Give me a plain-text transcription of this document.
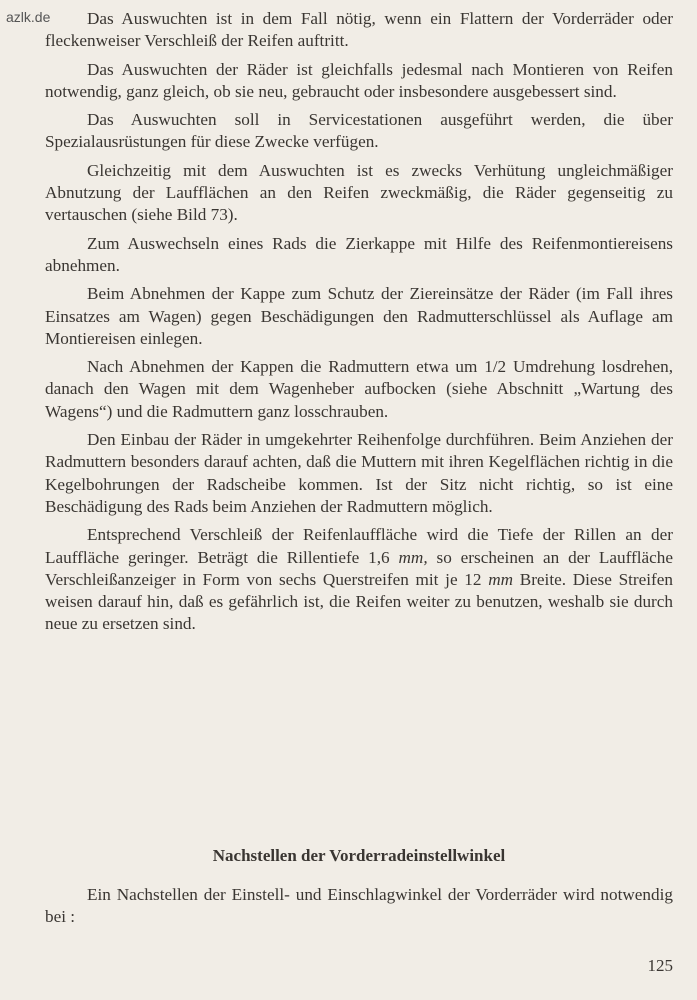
azlk.de	Das Auswuchten ist in dem Fall nötig, wenn ein Flattern der Vorderräder oder fleckenweiser Verschleiß der Reifen auftritt.

Das Auswuchten der Räder ist gleichfalls jedesmal nach Montieren von Reifen notwendig, ganz gleich, ob sie neu, gebraucht oder insbesondere ausgebessert sind.

Das Auswuchten soll in Servicestationen ausgeführt werden, die über Spezialausrüstungen für diese Zwecke verfügen.

Gleichzeitig mit dem Auswuchten ist es zwecks Verhütung ungleichmäßiger Abnutzung der Laufflächen an den Reifen zweckmäßig, die Räder gegenseitig zu vertauschen (siehe Bild 73).

Zum Auswechseln eines Rads die Zierkappe mit Hilfe des Reifenmontiereisens abnehmen.

Beim Abnehmen der Kappe zum Schutz der Ziereinsätze der Räder (im Fall ihres Einsatzes am Wagen) gegen Beschädigungen den Radmutterschlüssel als Auflage am Montiereisen einlegen.

Nach Abnehmen der Kappen die Radmuttern etwa um 1/2 Umdrehung losdrehen, danach den Wagen mit dem Wagenheber aufbocken (siehe Abschnitt „Wartung des Wagens“) und die Radmuttern ganz losschrauben.

Den Einbau der Räder in umgekehrter Reihenfolge durchführen. Beim Anziehen der Radmuttern besonders darauf achten, daß die Muttern mit ihren Kegelflächen richtig in die Kegelbohrungen der Radscheibe kommen. Ist der Sitz nicht richtig, so ist eine Beschädigung des Rads beim Anziehen der Radmuttern möglich.

Entsprechend Verschleiß der Reifenlauffläche wird die Tiefe der Rillen an der Lauffläche geringer. Beträgt die Rillentiefe 1,6 mm, so erscheinen an der Lauffläche Verschleißanzeiger in Form von sechs Querstreifen mit je 12 mm Breite. Diese Streifen weisen darauf hin, daß es gefährlich ist, die Reifen weiter zu benutzen, weshalb sie durch neue zu ersetzen sind.

Nachstellen der Vorderradeinstellwinkel

Ein Nachstellen der Einstell- und Einschlagwinkel der Vorderräder wird notwendig bei :

125
